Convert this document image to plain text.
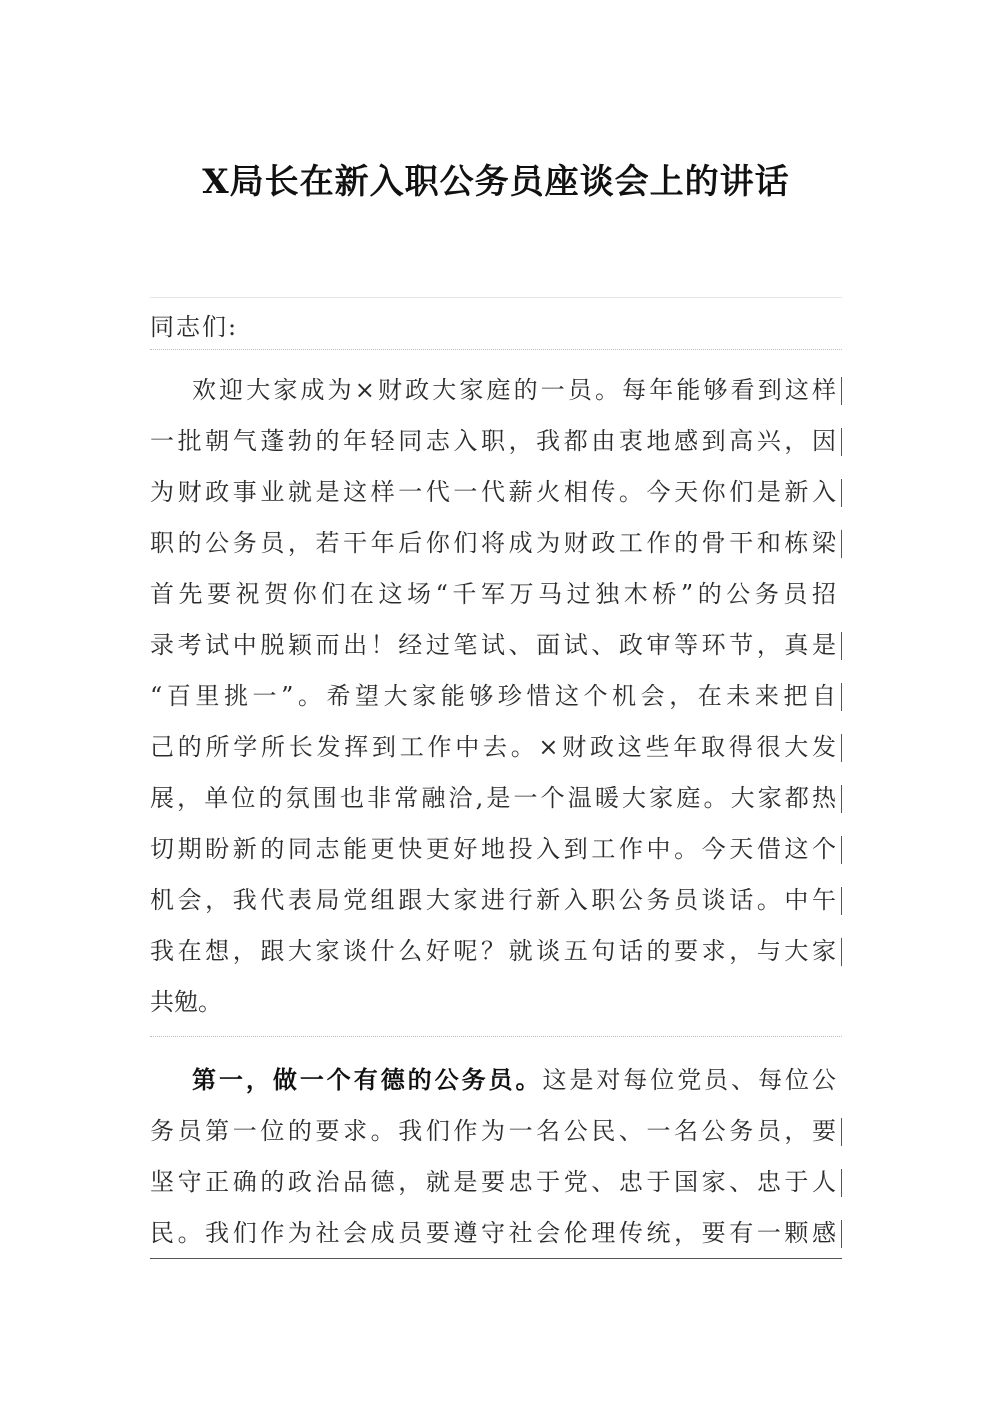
X局长在新入职公务员座谈会上的讲话
同志们:
欢迎大家成为×财政大家庭的一员。每年能够看到这样
一批朝气蓬勃的年轻同志入职，我都由衷地感到高兴，因
为财政事业就是这样一代一代薪火相传。今天你们是新入
职的公务员，若干年后你们将成为财政工作的骨干和栋梁
首先要祝贺你们在这场“千军万马过独木桥”的公务员招
录考试中脱颖而出！经过笔试、面试、政审等环节，真是
“百里挑一”。希望大家能够珍惜这个机会，在未来把自
己的所学所长发挥到工作中去。×财政这些年取得很大发
展，单位的氛围也非常融洽,是一个温暖大家庭。大家都热
切期盼新的同志能更快更好地投入到工作中。今天借这个
机会，我代表局党组跟大家进行新入职公务员谈话。中午
我在想，跟大家谈什么好呢？就谈五句话的要求，与大家
共勉。
第一，做一个有德的公务员。这是对每位党员、每位公
务员第一位的要求。我们作为一名公民、一名公务员，要
坚守正确的政治品德，就是要忠于党、忠于国家、忠于人
民。我们作为社会成员要遵守社会伦理传统，要有一颗感
